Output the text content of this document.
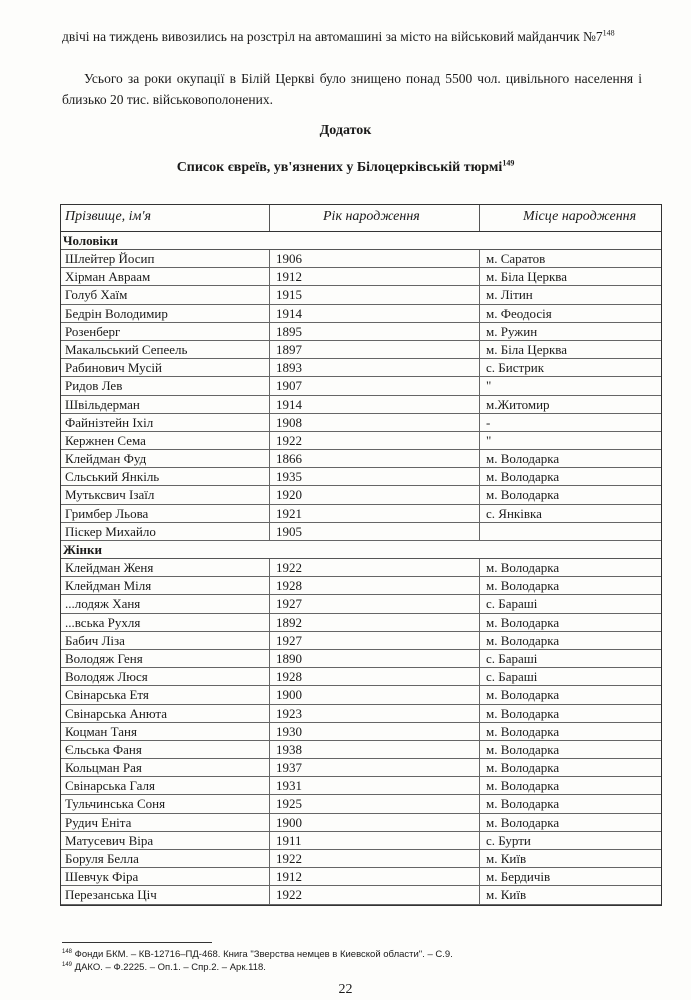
двічі на тиждень вивозились на розстріл на автомашині за місто на військовий майданчик $№7^{148}$
Усього за роки окупації в Білій Церкві було знищено понад 5500 чол. цивільного населення і близько 20 тис. військовополонених.
Додаток
Список євреїв, ув'язнених у Білоцерківській тюрмі$^{149}$
Прізвище, ім'я	Рік народження	Місце народження
Чоловіки
Шлейтер Йосип	1906	м. Саратов
Хірман Авраам	1912	м. Біла Церква
Голуб Хаїм	1915	м. Літин
Бедрін Володимир	1914	м. Феодосія
Розенберг	1895	м. Ружин
Макальський Сепеель	1897	м. Біла Церква
Рабинович Мусій	1893	с. Бистрик
Ридов Лев	1907	"
Швільдерман	1914	м.Житомир
Файнізтейн Іхіл	1908	-
Кержнен Сема	1922	"
Клейдман Фуд	1866	м. Володарка
Сльський Янкіль	1935	м. Володарка
Мутьксвич Ізаїл	1920	м. Володарка
Гримбер Льова	1921	с. Янківка
Піскер Михайло	1905
Жінки
Клейдман Женя	1922	м. Володарка
Клейдман Міля	1928	м. Володарка
...лодяж Ханя	1927	с. Бараші
...вська Рухля	1892	м. Володарка
Бабич Ліза	1927	м. Володарка
Володяж Геня	1890	с. Бараші
Володяж Люся	1928	с. Бараші
Свінарська Етя	1900	м. Володарка
Свінарська Анюта	1923	м. Володарка
Коцман Таня	1930	м. Володарка
Єльська Фаня	1938	м. Володарка
Кольцман Рая	1937	м. Володарка
Свінарська Галя	1931	м. Володарка
Тульчинська Соня	1925	м. Володарка
Рудич Еніта	1900	м. Володарка
Матусевич Віра	1911	с. Бурти
Боруля Белла	1922	м. Київ
Шевчук Фіра	1912	м. Бердичів
Перезанська Ціч	1922	м. Київ
$^{148}$ Фонди БКМ. – КВ-12716–ПД-468. Книга "Зверства немцев в Киевской области". – С.9.
$^{149}$ ДАКО. – Ф.2225. – Оп.1. – Спр.2. – Арк.118.
22
